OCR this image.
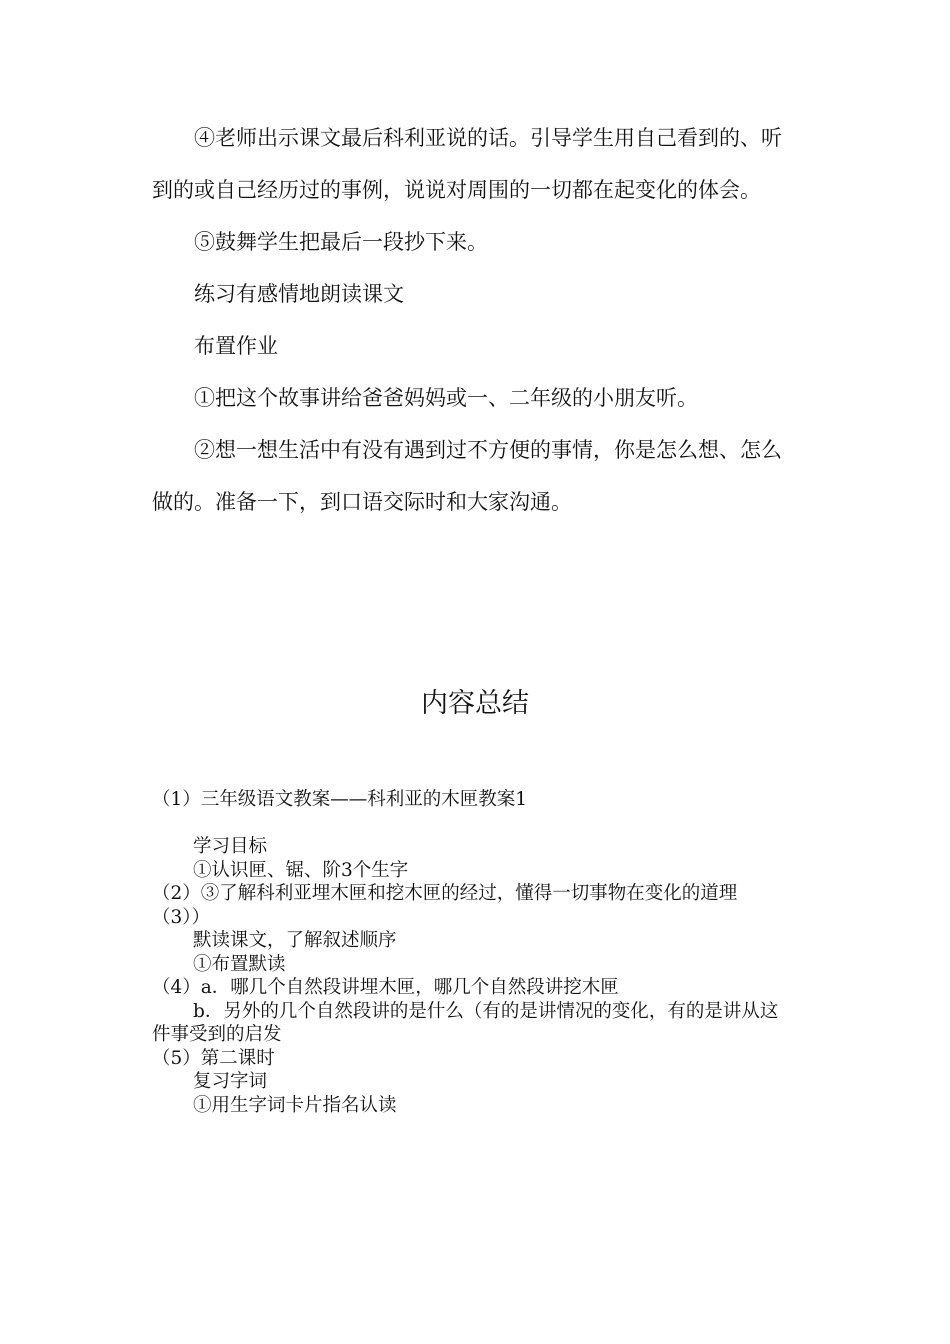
④老师出示课文最后科利亚说的话。引导学生用自己看到的、听到的或自己经历过的事例，说说对周围的一切都在起变化的体会。

⑤鼓舞学生把最后一段抄下来。

练习有感情地朗读课文

布置作业

①把这个故事讲给爸爸妈妈或一、二年级的小朋友听。

②想一想生活中有没有遇到过不方便的事情，你是怎么想、怎么做的。准备一下，到口语交际时和大家沟通。

内容总结

（1）三年级语文教案——科利亚的木匣教案1

学习目标

①认识匣、锯、阶3个生字

（2）③了解科利亚埋木匣和挖木匣的经过，懂得一切事物在变化的道理

（3））

默读课文，了解叙述顺序

①布置默读

（4）a．哪几个自然段讲埋木匣，哪几个自然段讲挖木匣

b．另外的几个自然段讲的是什么（有的是讲情况的变化，有的是讲从这件事受到的启发

（5）第二课时

复习字词

①用生字词卡片指名认读
